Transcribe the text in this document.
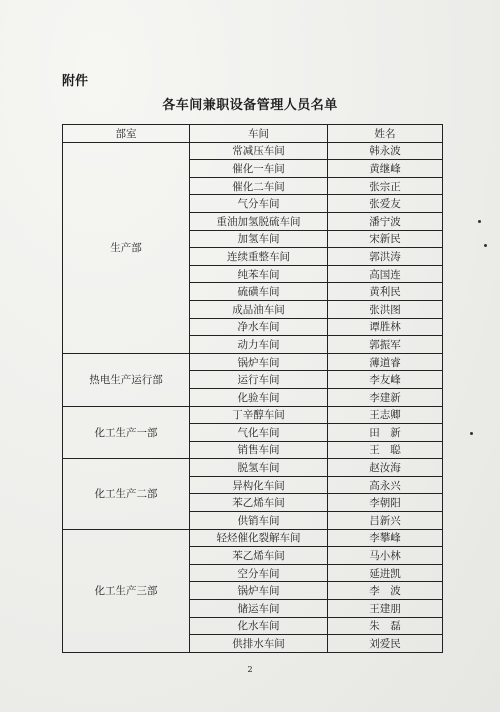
附件
各车间兼职设备管理人员名单
部室	车间	姓名
生产部	常减压车间	韩永波
	催化一车间	黄继峰
	催化二车间	张宗正
	气分车间	张爱友
	重油加氢脱硫车间	潘宁波
	加氢车间	宋新民
	连续重整车间	郭洪涛
	纯苯车间	高国连
	硫磺车间	黄利民
	成品油车间	张洪图
	净水车间	谭胜林
	动力车间	郭振军
热电生产运行部	锅炉车间	薄道睿
	运行车间	李友峰
	化验车间	李建新
化工生产一部	丁辛醇车间	王志卿
	气化车间	田　新
	销售车间	王　聪
化工生产二部	脱氢车间	赵汝海
	异构化车间	高永兴
	苯乙烯车间	李朝阳
	供销车间	吕新兴
化工生产三部	轻烃催化裂解车间	李攀峰
	苯乙烯车间	马小林
	空分车间	延进凯
	锅炉车间	李　波
	储运车间	王建朋
	化水车间	朱　磊
	供排水车间	刘爱民
2
